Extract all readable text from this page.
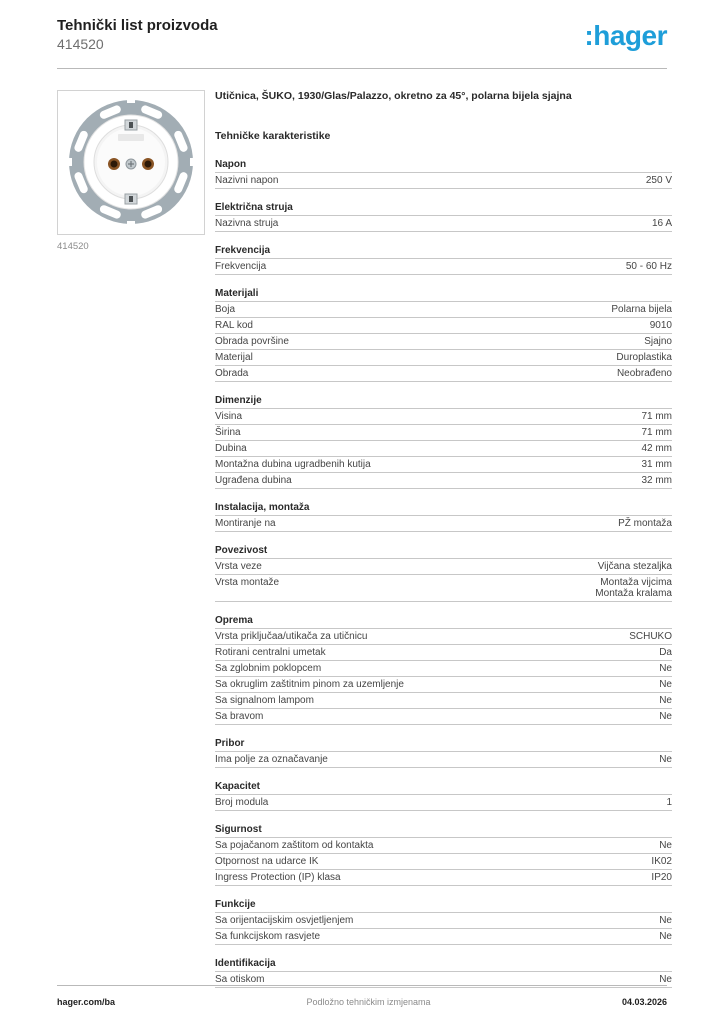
Tehnički list proizvoda
414520	:hager
414520
Utičnica, ŠUKO, 1930/Glas/Palazzo, okretno za 45°, polarna bijela sjajna
Tehničke karakteristike
Napon
Nazivni napon	250 V
Električna struja
Nazivna struja	16 A
Frekvencija
Frekvencija	50 - 60 Hz
Materijali
Boja	Polarna bijela
RAL kod	9010
Obrada površine	Sjajno
Materijal	Duroplastika
Obrada	Neobrađeno
Dimenzije
Visina	71 mm
Širina	71 mm
Dubina	42 mm
Montažna dubina ugradbenih kutija	31 mm
Ugrađena dubina	32 mm
Instalacija, montaža
Montiranje na	PŽ montaža
Povezivost
Vrsta veze	Vijčana stezaljka
Vrsta montaže	Montaža vijcima
Montaža kralama
Oprema
Vrsta priključaa/utikača za utičnicu	SCHUKO
Rotirani centralni umetak	Da
Sa zglobnim poklopcem	Ne
Sa okruglim zaštitnim pinom za uzemljenje	Ne
Sa signalnom lampom	Ne
Sa bravom	Ne
Pribor
Ima polje za označavanje	Ne
Kapacitet
Broj modula	1
Sigurnost
Sa pojačanom zaštitom od kontakta	Ne
Otpornost na udarce IK	IK02
Ingress Protection (IP) klasa	IP20
Funkcije
Sa orijentacijskim osvjetljenjem	Ne
Sa funkcijskom rasvjete	Ne
Identifikacija
Sa otiskom	Ne
hager.com/ba	Podložno tehničkim izmjenama	04.03.2026
